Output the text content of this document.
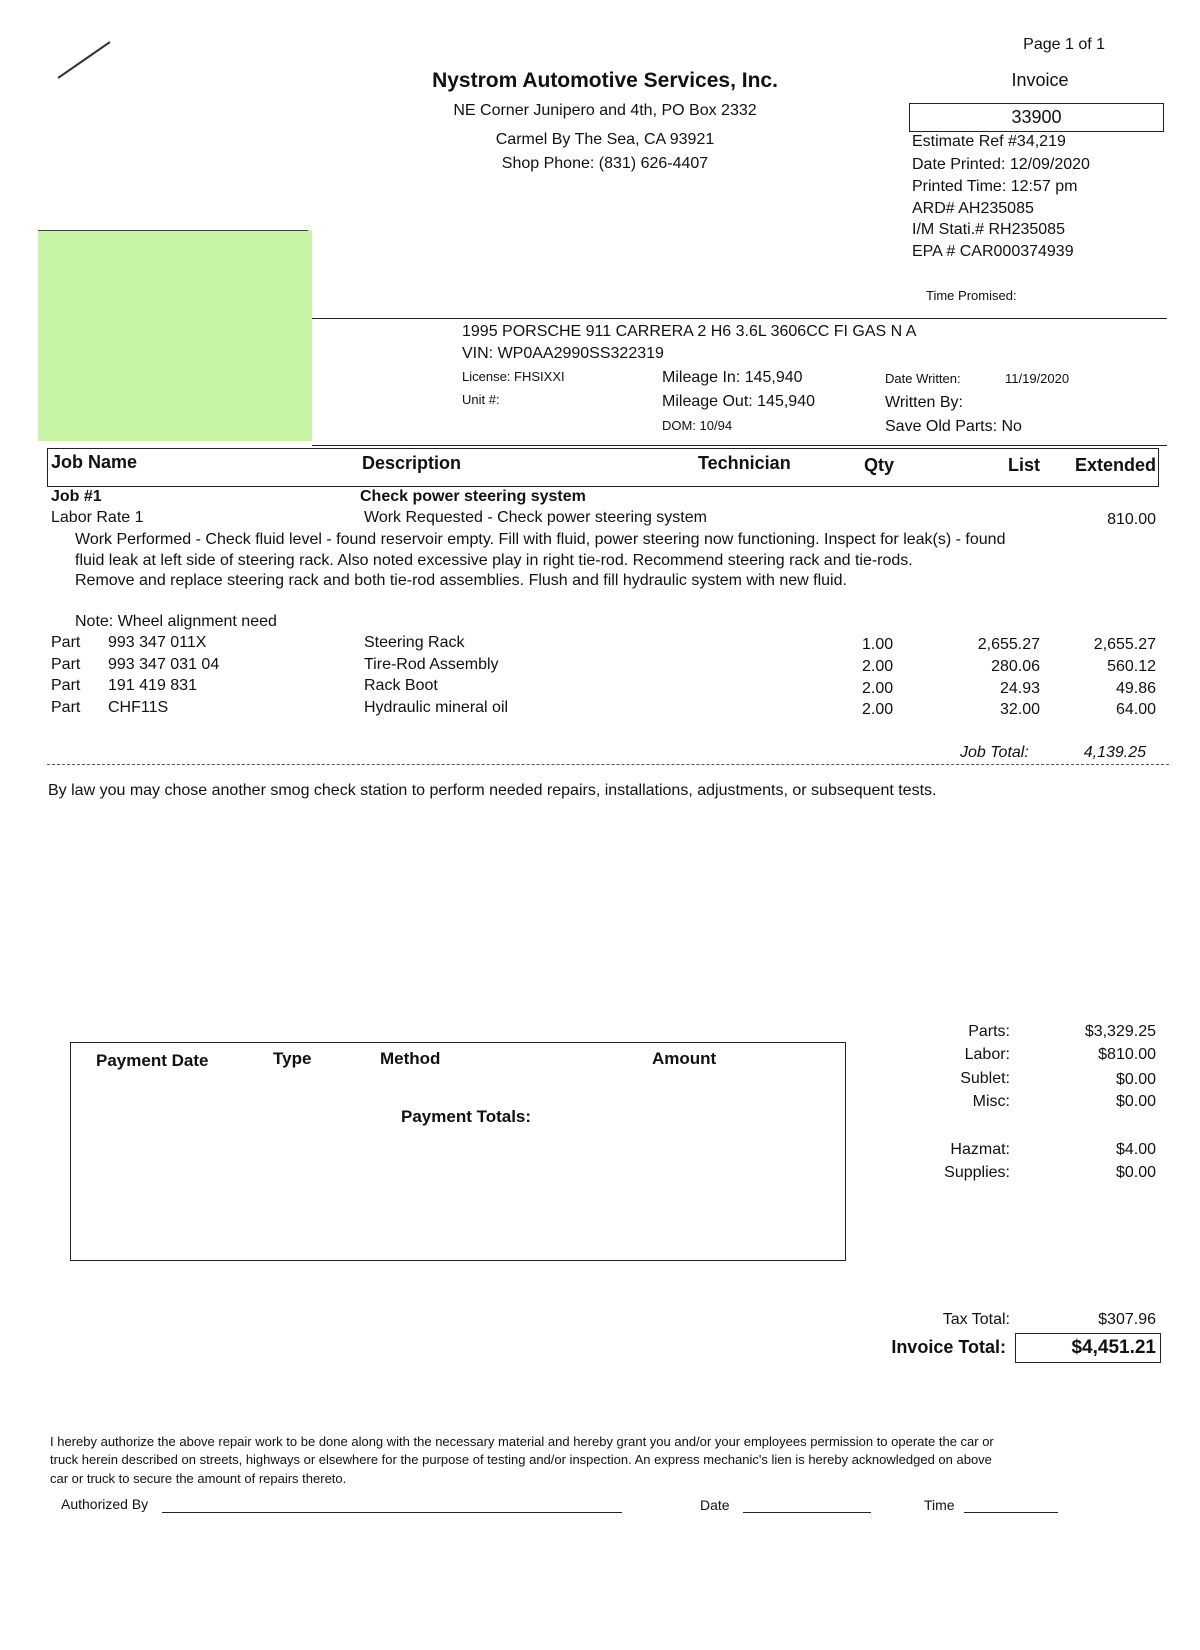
Page 1 of 1
Invoice
Nystrom Automotive Services, Inc.
NE Corner Junipero and 4th, PO Box 2332
Carmel By The Sea, CA 93921
Shop Phone: (831) 626-4407
33900
Estimate Ref #34,219
Date Printed: 12/09/2020
Printed Time: 12:57 pm
ARD# AH235085
I/M Stati.# RH235085
EPA # CAR000374939
Time Promised:
1995 PORSCHE 911 CARRERA 2 H6 3.6L 3606CC FI GAS N A
VIN: WP0AA2990SS322319
License: FHSIXXI
Unit #:
Mileage In: 145,940
Mileage Out: 145,940
DOM: 10/94
Date Written:	11/19/2020
Written By:
Save Old Parts: No
Job Name	Description	Technician	Qty	List	Extended
Job #1	Check power steering system
Labor Rate 1	Work Requested - Check power steering system	810.00
Work Performed - Check fluid level - found reservoir empty. Fill with fluid, power steering now functioning. Inspect for leak(s) - found
fluid leak at left side of steering rack. Also noted excessive play in right tie-rod. Recommend steering rack and tie-rods.
Remove and replace steering rack and both tie-rod assemblies. Flush and fill hydraulic system with new fluid.
Note: Wheel alignment need
Part 993 347 011X	Steering Rack	1.00	2,655.27	2,655.27
Part 993 347 031 04	Tire-Rod Assembly	2.00	280.06	560.12
Part 191 419 831	Rack Boot	2.00	24.93	49.86
Part CHF11S	Hydraulic mineral oil	2.00	32.00	64.00
Job Total:	4,139.25
By law you may chose another smog check station to perform needed repairs, installations, adjustments, or subsequent tests.
Payment Date	Type	Method	Amount
Payment Totals:
Parts:	$3,329.25
Labor:	$810.00
Sublet:	$0.00
Misc:	$0.00
Hazmat:	$4.00
Supplies:	$0.00
Tax Total:	$307.96
Invoice Total:	$4,451.21
I hereby authorize the above repair work to be done along with the necessary material and hereby grant you and/or your employees permission to operate the car or
truck herein described on streets, highways or elsewhere for the purpose of testing and/or inspection. An express mechanic's lien is hereby acknowledged on above
car or truck to secure the amount of repairs thereto.
Authorized By	Date	Time
